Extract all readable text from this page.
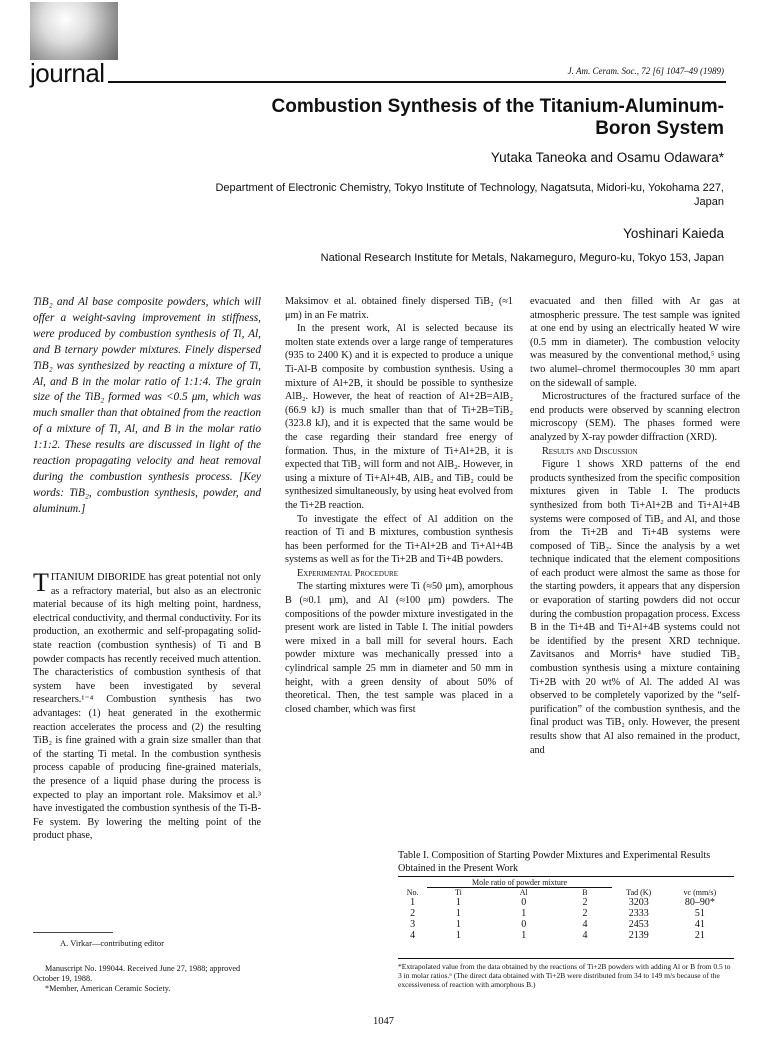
journal	J. Am. Ceram. Soc., 72 [6] 1047–49 (1989)
Combustion Synthesis of the Titanium-Aluminum-Boron System
Yutaka Taneoka and Osamu Odawara*
Department of Electronic Chemistry, Tokyo Institute of Technology, Nagatsuta, Midori-ku, Yokohama 227, Japan
Yoshinari Kaieda
National Research Institute for Metals, Nakameguro, Meguro-ku, Tokyo 153, Japan
TiB₂ and Al base composite powders, which will offer a weight-saving improvement in stiffness, were produced by combustion synthesis of Ti, Al, and B ternary powder mixtures. Finely dispersed TiB₂ was synthesized by reacting a mixture of Ti, Al, and B in the molar ratio of 1:1:4. The grain size of the TiB₂ formed was <0.5 μm, which was much smaller than that obtained from the reaction of a mixture of Ti, Al, and B in the molar ratio 1:1:2. These results are discussed in light of the reaction propagating velocity and heat removal during the combustion synthesis process. [Key words: TiB₂, combustion synthesis, powder, and aluminum.]

TITANIUM DIBORIDE has great potential not only as a refractory material, but also as an electronic material because of its high melting point, hardness, electrical conductivity, and thermal conductivity. For its production, an exothermic and self-propagating solid-state reaction (combustion synthesis) of Ti and B powder compacts has recently received much attention. The characteristics of combustion synthesis of that system have been investigated by several researchers.¹⁻⁴ Combustion synthesis has two advantages: (1) heat generated in the exothermic reaction accelerates the process and (2) the resulting TiB₂ is fine grained with a grain size smaller than that of the starting Ti metal. In the combustion synthesis process capable of producing fine-grained materials, the presence of a liquid phase during the process is expected to play an important role. Maksimov et al.³ have investigated the combustion synthesis of the Ti-B-Fe system. By lowering the melting point of the product phase,

Maksimov et al. obtained finely dispersed TiB₂ (≈1 μm) in an Fe matrix.

In the present work, Al is selected because its molten state extends over a large range of temperatures (935 to 2400 K) and it is expected to produce a unique Ti-Al-B composite by combustion synthesis. Using a mixture of Al+2B, it should be possible to synthesize AlB₂. However, the heat of reaction of Al+2B=AlB₂ (66.9 kJ) is much smaller than that of Ti+2B=TiB₂ (323.8 kJ), and it is expected that the same would be the case regarding their standard free energy of formation. Thus, in the mixture of Ti+Al+2B, it is expected that TiB₂ will form and not AlB₂. However, in using a mixture of Ti+Al+4B, AlB₂ and TiB₂ could be synthesized simultaneously, by using heat evolved from the Ti+2B reaction.

To investigate the effect of Al addition on the reaction of Ti and B mixtures, combustion synthesis has been performed for the Ti+Al+2B and Ti+Al+4B systems as well as for the Ti+2B and Ti+4B powders.

Experimental Procedure

The starting mixtures were Ti (≈50 μm), amorphous B (≈0.1 μm), and Al (≈100 μm) powders. The compositions of the powder mixture investigated in the present work are listed in Table I. The initial powders were mixed in a ball mill for several hours. Each powder mixture was mechanically pressed into a cylindrical sample 25 mm in diameter and 50 mm in height, with a green density of about 50% of theoretical. Then, the test sample was placed in a closed chamber, which was first

evacuated and then filled with Ar gas at atmospheric pressure. The test sample was ignited at one end by using an electrically heated W wire (0.5 mm in diameter). The combustion velocity was measured by the conventional method,⁵ using two alumel–chromel thermocouples 30 mm apart on the sidewall of sample.

Microstructures of the fractured surface of the end products were observed by scanning electron microscopy (SEM). The phases formed were analyzed by X-ray powder diffraction (XRD).

Results and Discussion

Figure 1 shows XRD patterns of the end products synthesized from the specific composition mixtures given in Table I. The products synthesized from both Ti+Al+2B and Ti+Al+4B systems were composed of TiB₂ and Al, and those from the Ti+2B and Ti+4B systems were composed of TiB₂. Since the analysis by a wet technique indicated that the element compositions of each product were almost the same as those for the starting powders, it appears that any dispersion or evaporation of starting powders did not occur during the combustion propagation process. Excess B in the Ti+4B and Ti+Al+4B systems could not be identified by the present XRD technique. Zavitsanos and Morris⁴ have studied TiB₂ combustion synthesis using a mixture containing Ti+2B with 20 wt% of Al. The added Al was observed to be completely vaporized by the “self-purification” of the combustion synthesis, and the final product was TiB₂ only. However, the present results show that Al also remained in the product, and

A. Virkar—contributing editor
Manuscript No. 199044. Received June 27, 1988; approved October 19, 1988.
*Member, American Ceramic Society.
Table I. Composition of Starting Powder Mixtures and Experimental Results Obtained in the Present Work
	Mole ratio of powder mixture				
No.	Ti	Al	B	Tad (K)	vc (mm/s)
1	1	0	2	3203	80–90*
2	1	1	2	2333	51
3	1	0	4	2453	41
4	1	1	4	2139	21
*Extrapolated value from the data obtained by the reactions of Ti+2B powders with adding Al or B from 0.5 to 3 in molar ratios.⁶ (The direct data obtained with Ti+2B were distributed from 34 to 149 m/s because of the excessiveness of reaction with amorphous B.)
1047
